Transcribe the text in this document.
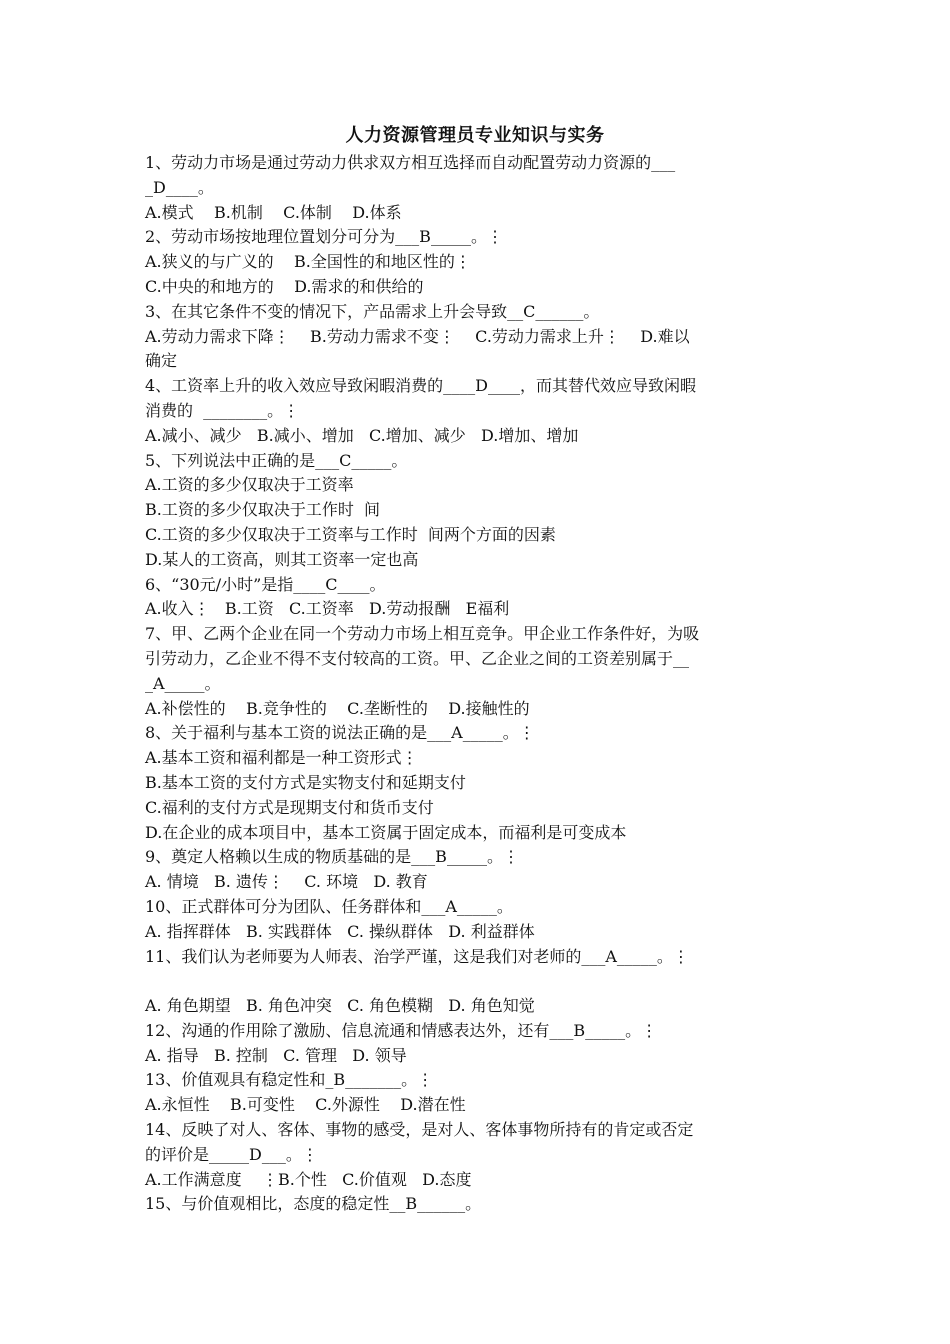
人力资源管理员专业知识与实务
1、劳动力市场是通过劳动力供求双方相互选择而自动配置劳动力资源的___
_D____。
A.模式    B.机制    C.体制    D.体系
2、劳动市场按地理位置划分可分为___B_____。⋮
A.狭义的与广义的    B.全国性的和地区性的⋮
C.中央的和地方的    D.需求的和供给的
3、在其它条件不变的情况下，产品需求上升会导致__C______。
A.劳动力需求下降⋮    B.劳动力需求不变⋮    C.劳动力需求上升⋮    D.难以
确定
4、工资率上升的收入效应导致闲暇消费的____D____，而其替代效应导致闲暇
消费的  ________。⋮
A.减小、减少   B.减小、增加   C.增加、减少   D.增加、增加
5、下列说法中正确的是___C_____。
A.工资的多少仅取决于工资率
B.工资的多少仅取决于工作时  间
C.工资的多少仅取决于工资率与工作时  间两个方面的因素
D.某人的工资高，则其工资率一定也高
6、“30元/小时”是指____C____。
A.收入⋮   B.工资   C.工资率   D.劳动报酬   E福利
7、甲、乙两个企业在同一个劳动力市场上相互竞争。甲企业工作条件好，为吸
引劳动力，乙企业不得不支付较高的工资。甲、乙企业之间的工资差别属于__
_A_____。
A.补偿性的    B.竞争性的    C.垄断性的    D.接触性的
8、关于福利与基本工资的说法正确的是___A_____。⋮
A.基本工资和福利都是一种工资形式⋮
B.基本工资的支付方式是实物支付和延期支付
C.福利的支付方式是现期支付和货币支付
D.在企业的成本项目中，基本工资属于固定成本，而福利是可变成本
9、奠定人格赖以生成的物质基础的是___B_____。⋮
A. 情境   B. 遗传⋮    C. 环境   D. 教育
10、正式群体可分为团队、任务群体和___A_____。
A. 指挥群体   B. 实践群体   C. 操纵群体   D. 利益群体
11、我们认为老师要为人师表、治学严谨，这是我们对老师的___A_____。⋮
A. 角色期望   B. 角色冲突   C. 角色模糊   D. 角色知觉
12、沟通的作用除了激励、信息流通和情感表达外，还有___B_____。⋮
A. 指导   B. 控制   C. 管理   D. 领导
13、价值观具有稳定性和_B_______。⋮
A.永恒性    B.可变性    C.外源性    D.潜在性
14、反映了对人、客体、事物的感受，是对人、客体事物所持有的肯定或否定
的评价是_____D___。⋮
A.工作满意度    ⋮B.个性   C.价值观   D.态度
15、与价值观相比，态度的稳定性__B______。
